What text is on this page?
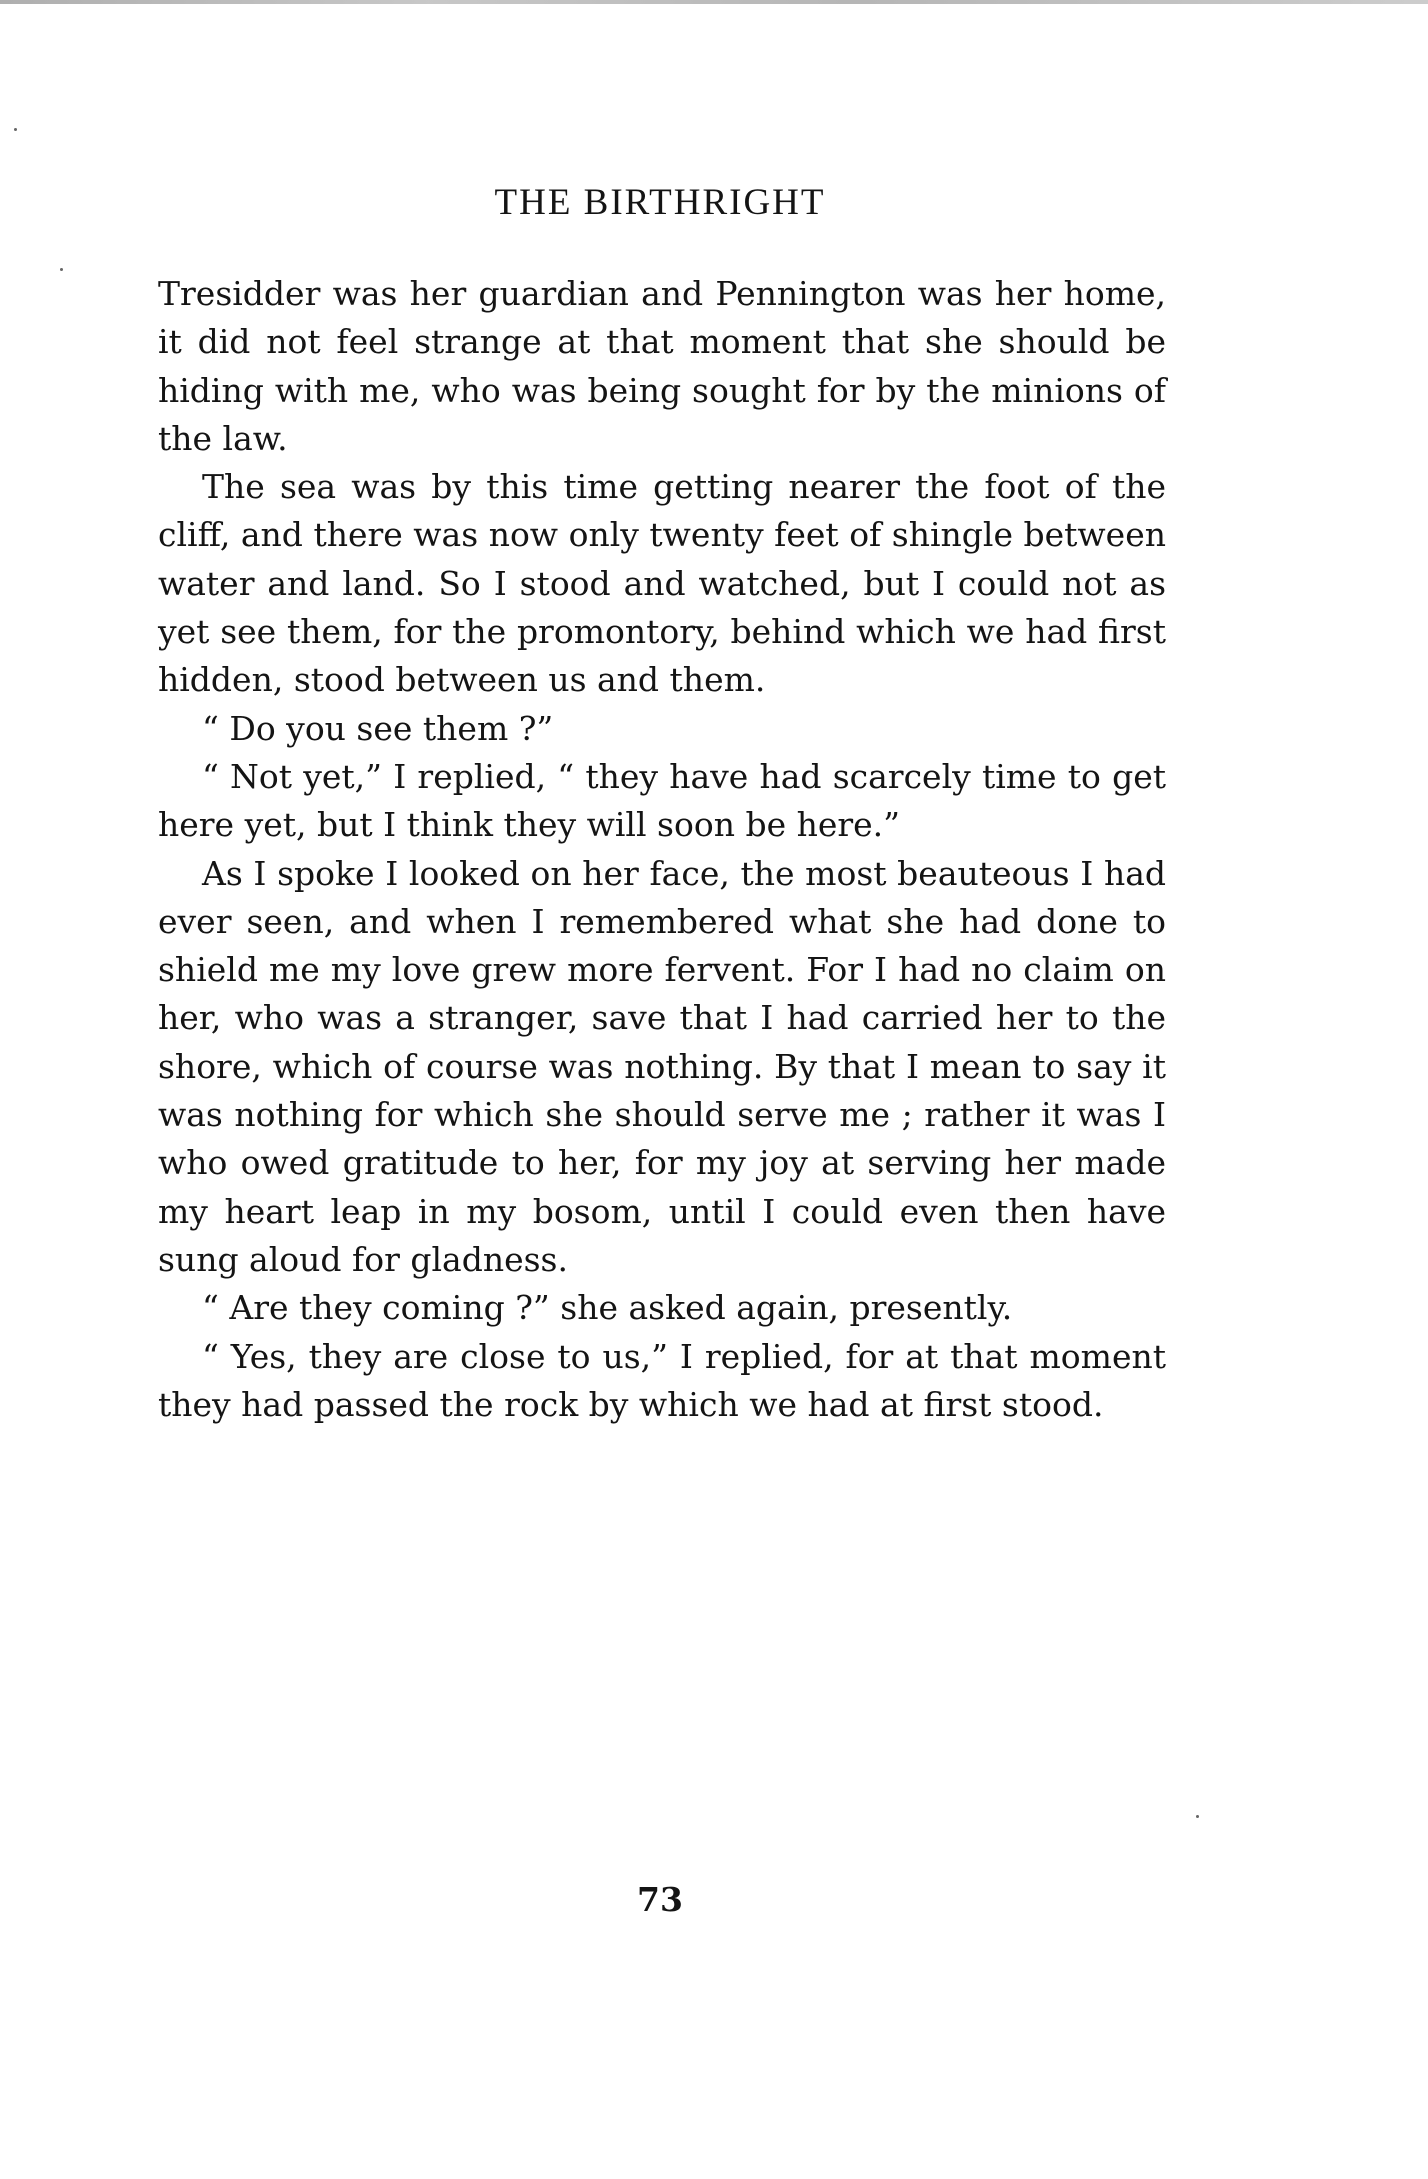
THE BIRTHRIGHT

Tresidder was her guardian and Pennington was her home, it did not feel strange at that moment that she should be hiding with me, who was being sought for by the minions of the law.

The sea was by this time getting nearer the foot of the cliff, and there was now only twenty feet of shingle between water and land. So I stood and watched, but I could not as yet see them, for the promontory, behind which we had first hidden, stood between us and them.

“ Do you see them ?”

“ Not yet,” I replied, “ they have had scarcely time to get here yet, but I think they will soon be here.”

As I spoke I looked on her face, the most beauteous I had ever seen, and when I remembered what she had done to shield me my love grew more fervent. For I had no claim on her, who was a stranger, save that I had carried her to the shore, which of course was nothing. By that I mean to say it was nothing for which she should serve me ; rather it was I who owed gratitude to her, for my joy at serving her made my heart leap in my bosom, until I could even then have sung aloud for gladness.

“ Are they coming ?” she asked again, presently.

“ Yes, they are close to us,” I replied, for at that moment they had passed the rock by which we had at first stood.

73
